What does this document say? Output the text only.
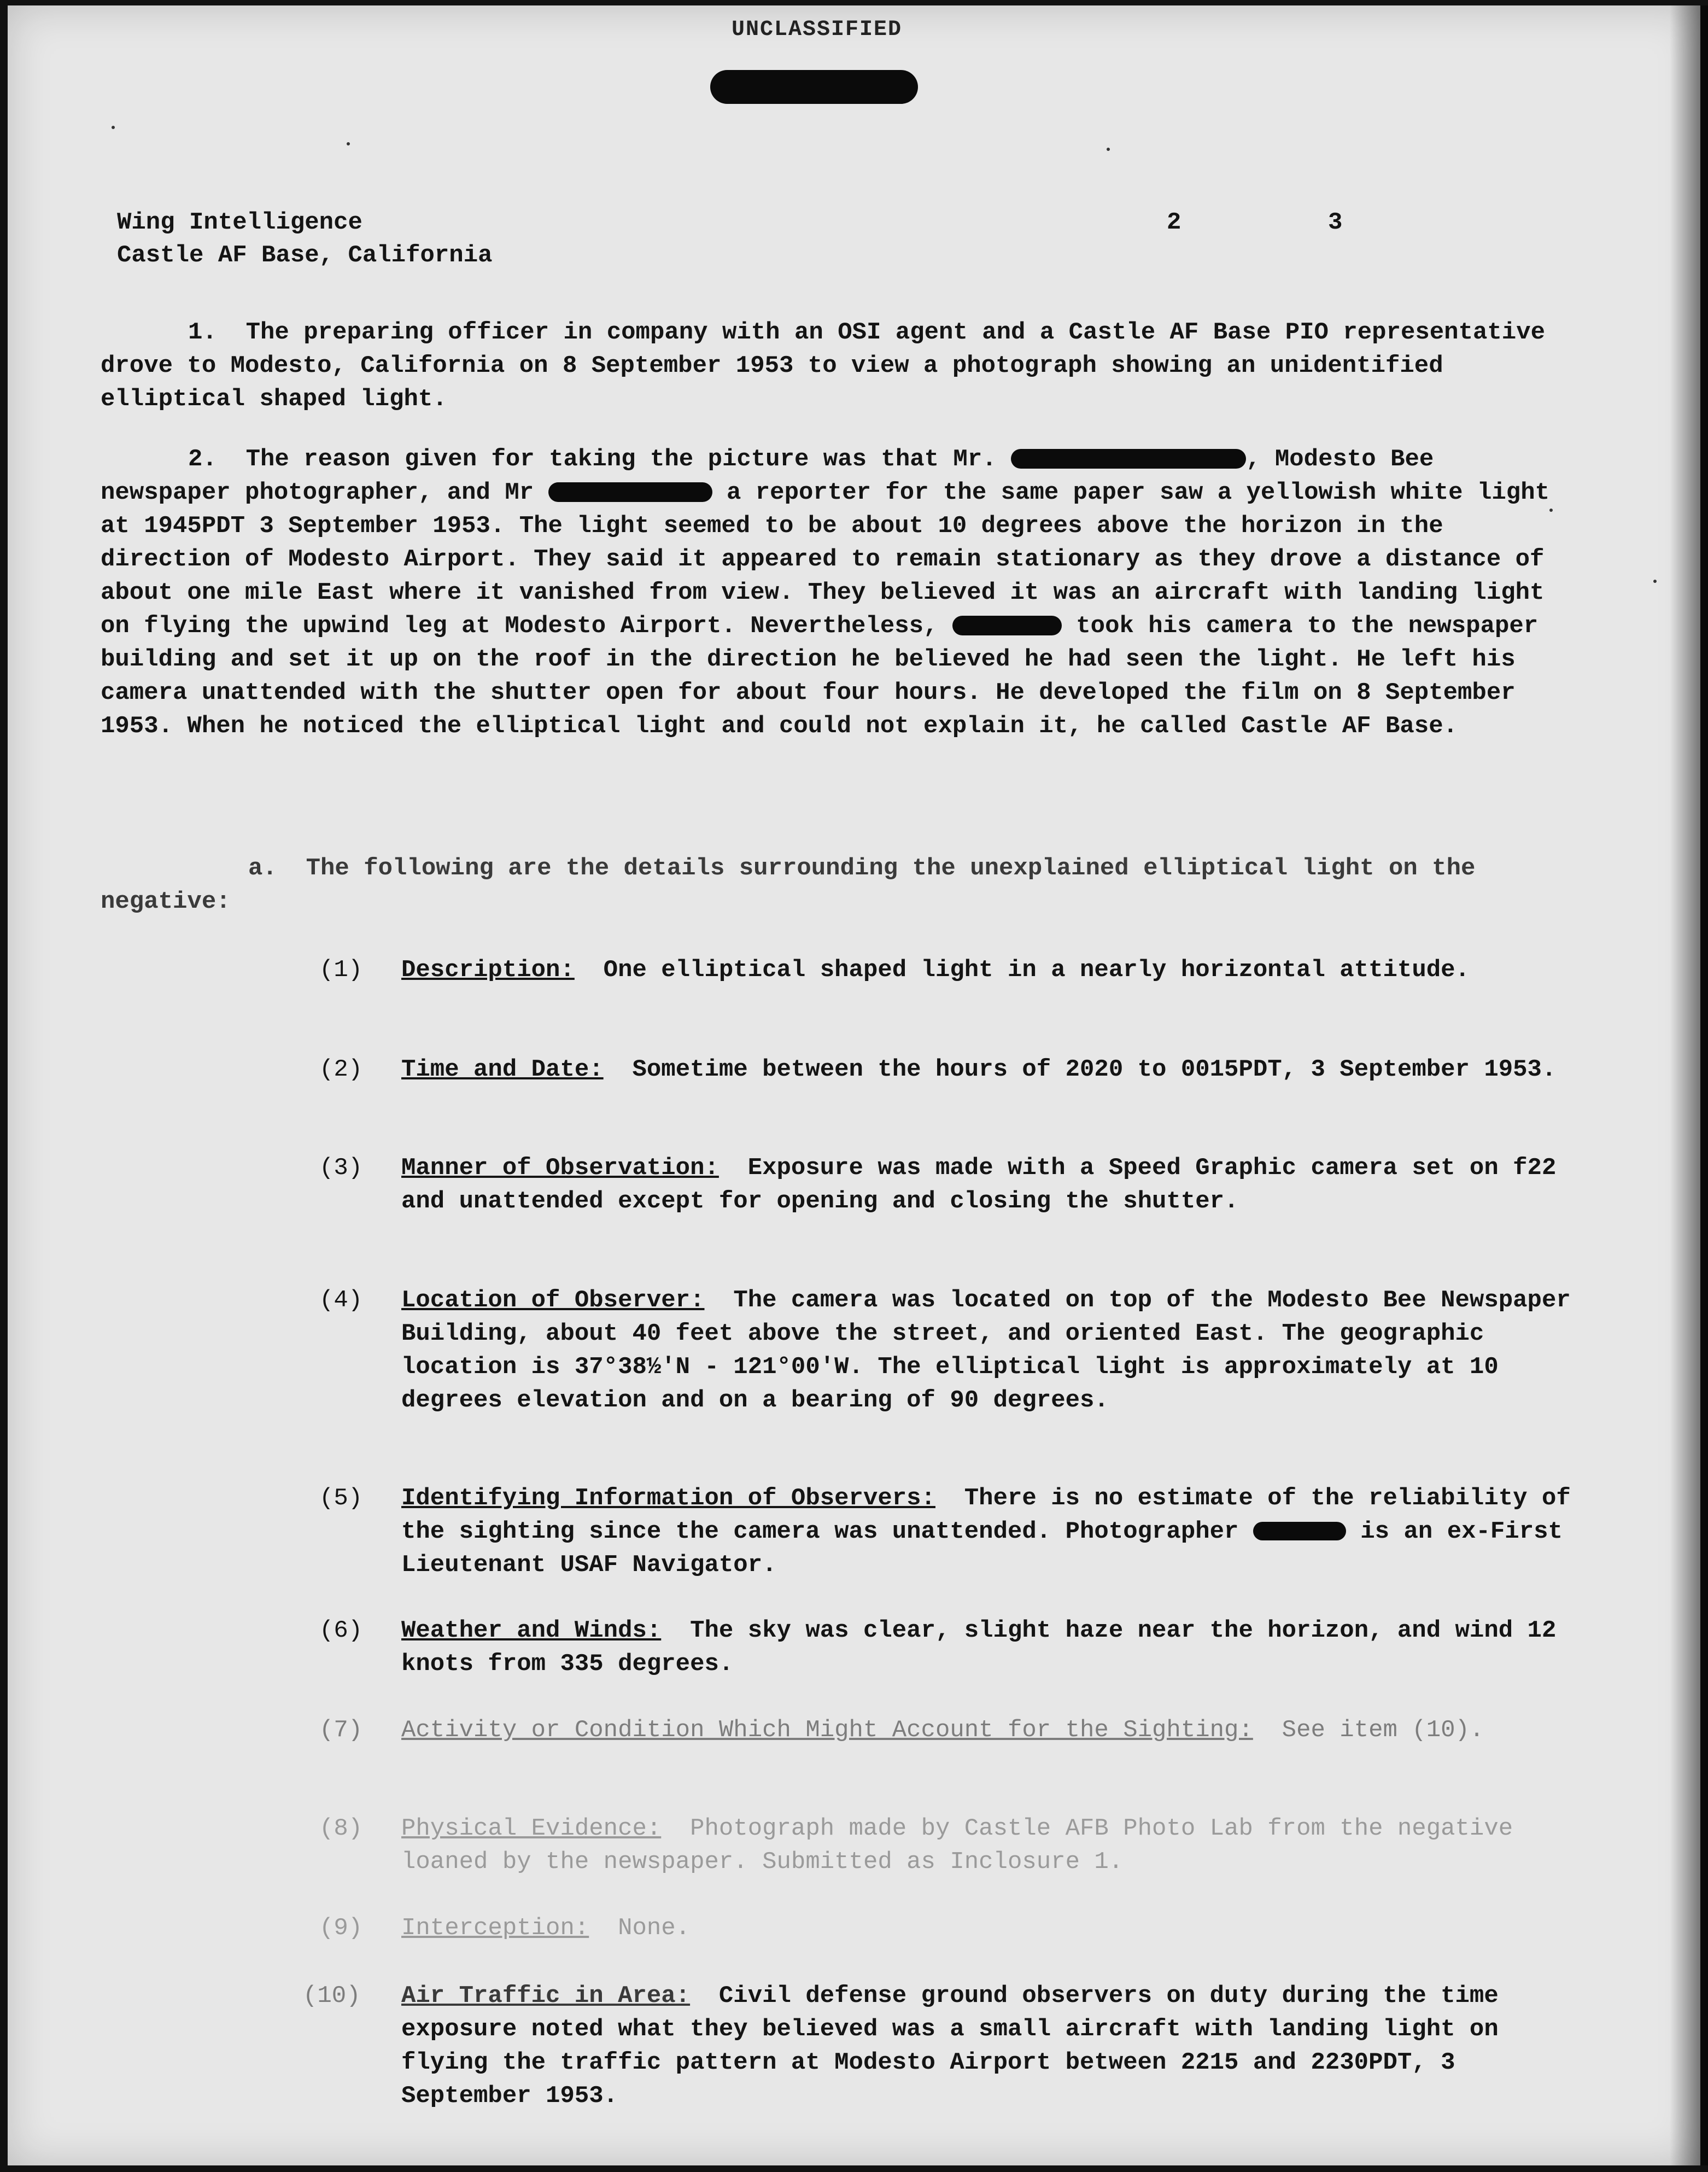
UNCLASSIFIED
Wing Intelligence
Castle AF Base, California
2	3
1. The preparing officer in company with an OSI agent and a Castle AF Base PIO representative drove to Modesto, California on 8 September 1953 to view a photograph showing an unidentified elliptical shaped light.
2. The reason given for taking the picture was that Mr.	, Modesto Bee newspaper photographer, and Mr	a reporter for the same paper saw a yellowish white light at 1945PDT 3 September 1953. The light seemed to be about 10 degrees above the horizon in the direction of Modesto Airport. They said it appeared to remain stationary as they drove a distance of about one mile East where it vanished from view. They believed it was an aircraft with landing light on flying the upwind leg at Modesto Airport. Nevertheless,	took his camera to the newspaper building and set it up on the roof in the direction he believed he had seen the light. He left his camera unattended with the shutter open for about four hours. He developed the film on 8 September 1953. When he noticed the elliptical light and could not explain it, he called Castle AF Base.
a. The following are the details surrounding the unexplained elliptical light on the negative:
(1)	Description: One elliptical shaped light in a nearly horizontal attitude.
(2)	Time and Date: Sometime between the hours of 2020 to 0015PDT, 3 September 1953.
(3)	Manner of Observation: Exposure was made with a Speed Graphic camera set on f22 and unattended except for opening and closing the shutter.
(4)	Location of Observer: The camera was located on top of the Modesto Bee Newspaper Building, about 40 feet above the street, and oriented East. The geographic location is 37°38½'N - 121°00'W. The elliptical light is approximately at 10 degrees elevation and on a bearing of 90 degrees.
(5)	Identifying Information of Observers: There is no estimate of the reliability of the sighting since the camera was unattended. Photographer	is an ex-First Lieutenant USAF Navigator.
(6)	Weather and Winds: The sky was clear, slight haze near the horizon, and wind 12 knots from 335 degrees.
(7)	Activity or Condition Which Might Account for the Sighting: See item (10).
(8)	Physical Evidence: Photograph made by Castle AFB Photo Lab from the negative loaned by the newspaper. Submitted as Inclosure 1.
(9)	Interception: None.
(10)	Air Traffic in Area: Civil defense ground observers on duty during the time exposure noted what they believed was a small aircraft with landing light on flying the traffic pattern at Modesto Airport between 2215 and 2230PDT, 3 September 1953.
